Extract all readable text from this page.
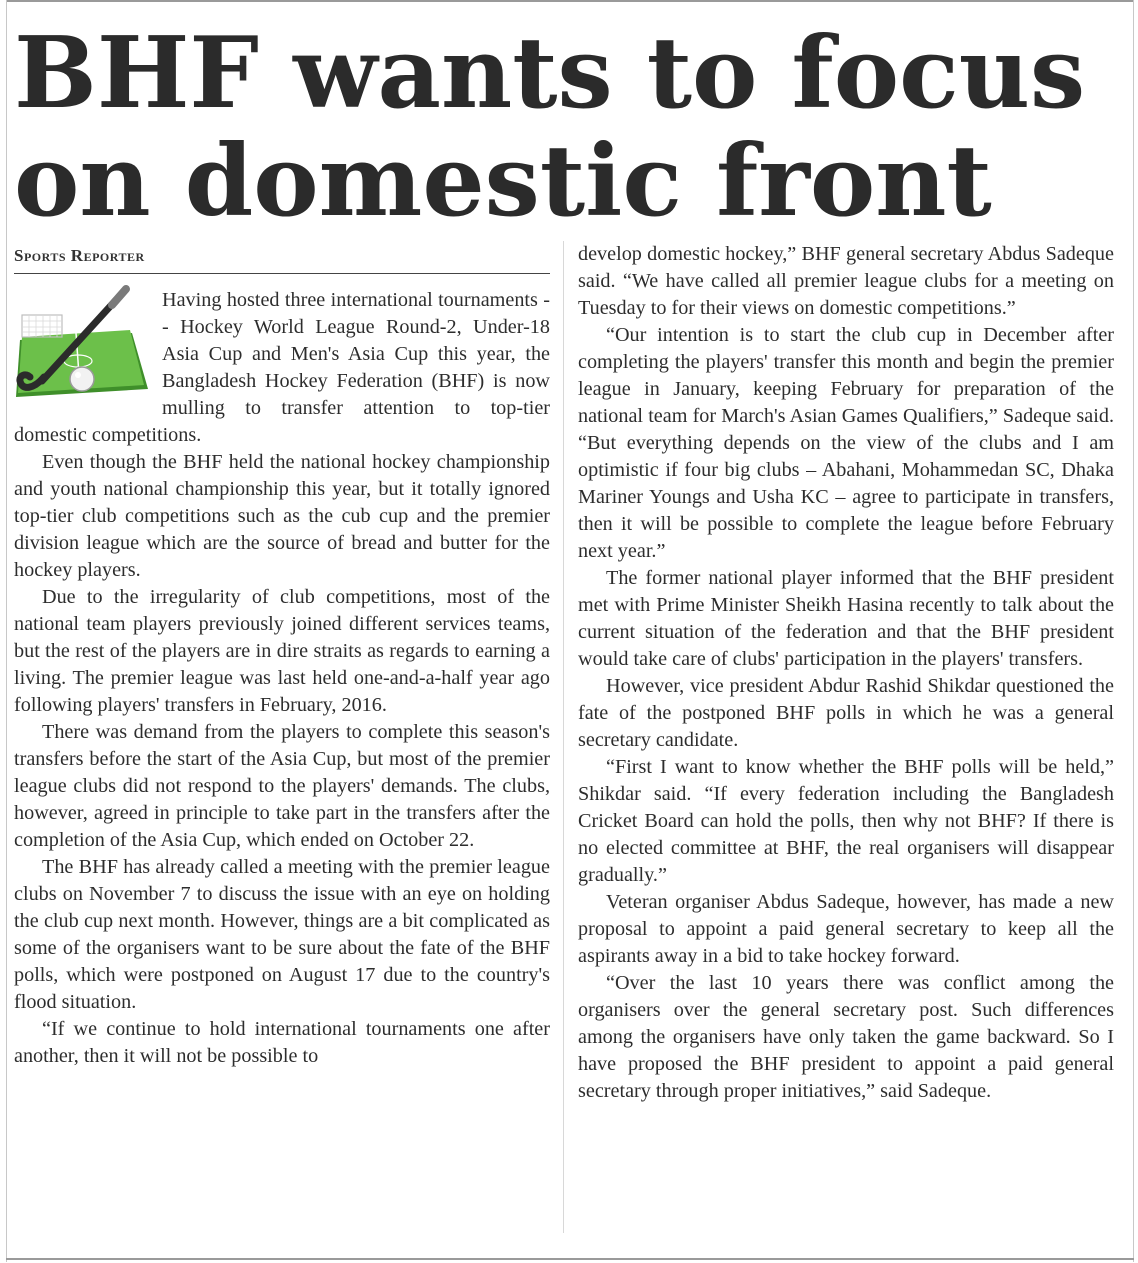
BHF wants to focus on domestic front
Sports Reporter

Having hosted three international tournaments -- Hockey World League Round-2, Under-18 Asia Cup and Men's Asia Cup this year, the Bangladesh Hockey Federation (BHF) is now mulling to transfer attention to top-tier domestic competitions.

Even though the BHF held the national hockey championship and youth national championship this year, but it totally ignored top-tier club competitions such as the cub cup and the premier division league which are the source of bread and butter for the hockey players.

Due to the irregularity of club competitions, most of the national team players previously joined different services teams, but the rest of the players are in dire straits as regards to earning a living. The premier league was last held one-and-a-half year ago following players' transfers in February, 2016.

There was demand from the players to complete this season's transfers before the start of the Asia Cup, but most of the premier league clubs did not respond to the players' demands. The clubs, however, agreed in principle to take part in the transfers after the completion of the Asia Cup, which ended on October 22.

The BHF has already called a meeting with the premier league clubs on November 7 to discuss the issue with an eye on holding the club cup next month. However, things are a bit complicated as some of the organisers want to be sure about the fate of the BHF polls, which were postponed on August 17 due to the country's flood situation.

“If we continue to hold international tournaments one after another, then it will not be possible to

develop domestic hockey,” BHF general secretary Abdus Sadeque said. “We have called all premier league clubs for a meeting on Tuesday to for their views on domestic competitions.”

“Our intention is to start the club cup in December after completing the players' transfer this month and begin the premier league in January, keeping February for preparation of the national team for March's Asian Games Qualifiers,” Sadeque said. “But everything depends on the view of the clubs and I am optimistic if four big clubs – Abahani, Mohammedan SC, Dhaka Mariner Youngs and Usha KC – agree to participate in transfers, then it will be possible to complete the league before February next year.”

The former national player informed that the BHF president met with Prime Minister Sheikh Hasina recently to talk about the current situation of the federation and that the BHF president would take care of clubs' participation in the players' transfers.

However, vice president Abdur Rashid Shikdar questioned the fate of the postponed BHF polls in which he was a general secretary candidate.

“First I want to know whether the BHF polls will be held,” Shikdar said. “If every federation including the Bangladesh Cricket Board can hold the polls, then why not BHF? If there is no elected committee at BHF, the real organisers will disappear gradually.”

Veteran organiser Abdus Sadeque, however, has made a new proposal to appoint a paid general secretary to keep all the aspirants away in a bid to take hockey forward.

“Over the last 10 years there was conflict among the organisers over the general secretary post. Such differences among the organisers have only taken the game backward. So I have proposed the BHF president to appoint a paid general secretary through proper initiatives,” said Sadeque.
